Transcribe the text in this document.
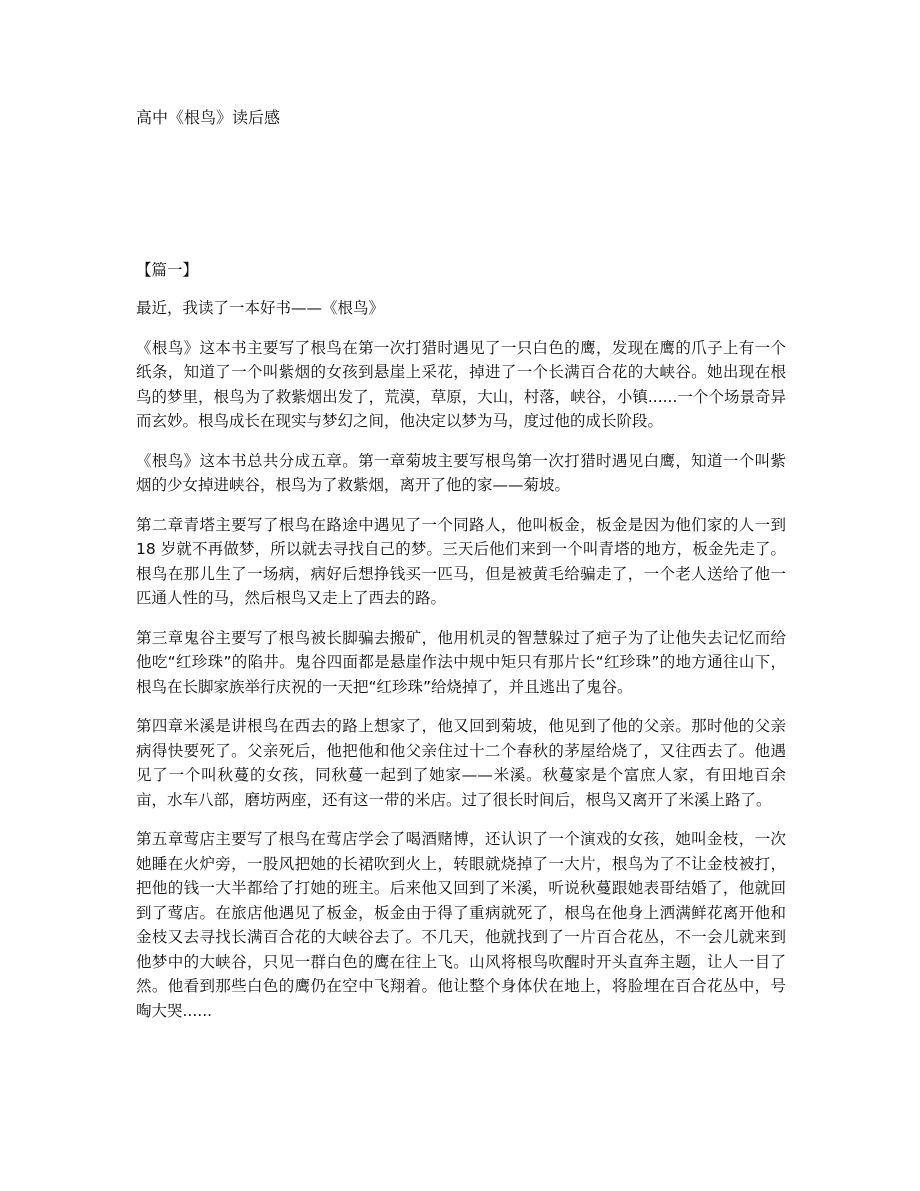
高中《根鸟》读后感
【篇一】

最近，我读了一本好书——《根鸟》

《根鸟》这本书主要写了根鸟在第一次打猎时遇见了一只白色的鹰，发现在鹰的爪子上有一个纸条，知道了一个叫紫烟的女孩到悬崖上采花，掉进了一个长满百合花的大峡谷。她出现在根鸟的梦里，根鸟为了救紫烟出发了，荒漠，草原，大山，村落，峡谷，小镇......一个个场景奇异而玄妙。根鸟成长在现实与梦幻之间，他决定以梦为马，度过他的成长阶段。

《根鸟》这本书总共分成五章。第一章菊坡主要写根鸟第一次打猎时遇见白鹰，知道一个叫紫烟的少女掉进峡谷，根鸟为了救紫烟，离开了他的家——菊坡。

第二章青塔主要写了根鸟在路途中遇见了一个同路人，他叫板金，板金是因为他们家的人一到 18 岁就不再做梦，所以就去寻找自己的梦。三天后他们来到一个叫青塔的地方，板金先走了。根鸟在那儿生了一场病，病好后想挣钱买一匹马，但是被黄毛给骗走了，一个老人送给了他一匹通人性的马，然后根鸟又走上了西去的路。

第三章鬼谷主要写了根鸟被长脚骗去搬矿，他用机灵的智慧躲过了疤子为了让他失去记忆而给他吃“红珍珠”的陷井。鬼谷四面都是悬崖作法中规中矩只有那片长“红珍珠”的地方通往山下，根鸟在长脚家族举行庆祝的一天把“红珍珠”给烧掉了，并且逃出了鬼谷。

第四章米溪是讲根鸟在西去的路上想家了，他又回到菊坡，他见到了他的父亲。那时他的父亲病得快要死了。父亲死后，他把他和他父亲住过十二个春秋的茅屋给烧了，又往西去了。他遇见了一个叫秋蔓的女孩，同秋蔓一起到了她家——米溪。秋蔓家是个富庶人家，有田地百余亩，水车八部，磨坊两座，还有这一带的米店。过了很长时间后，根鸟又离开了米溪上路了。

第五章莺店主要写了根鸟在莺店学会了喝酒赌博，还认识了一个演戏的女孩，她叫金枝，一次她睡在火炉旁，一股风把她的长裙吹到火上，转眼就烧掉了一大片，根鸟为了不让金枝被打，把他的钱一大半都给了打她的班主。后来他又回到了米溪，听说秋蔓跟她表哥结婚了，他就回到了莺店。在旅店他遇见了板金，板金由于得了重病就死了，根鸟在他身上洒满鲜花离开他和金枝又去寻找长满百合花的大峡谷去了。不几天，他就找到了一片百合花丛，不一会儿就来到他梦中的大峡谷，只见一群白色的鹰在往上飞。山风将根鸟吹醒时开头直奔主题，让人一目了然。他看到那些白色的鹰仍在空中飞翔着。他让整个身体伏在地上，将脸埋在百合花丛中，号啕大哭......
